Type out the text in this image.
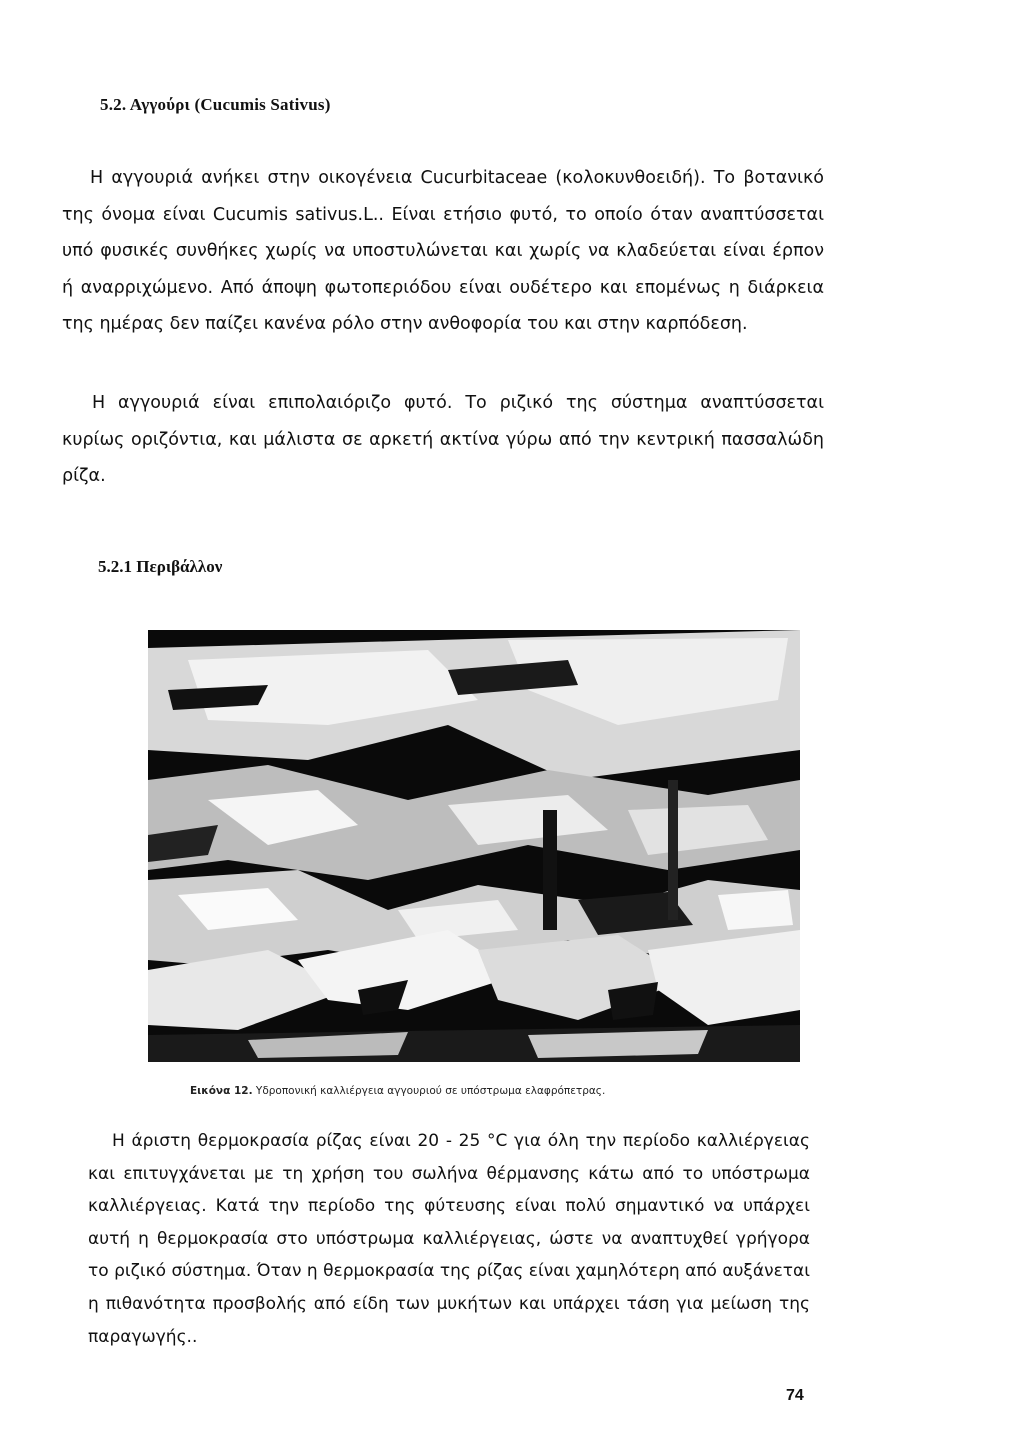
5.2. Αγγούρι (Cucumis Sativus)

Η αγγουριά ανήκει στην οικογένεια Cucurbitaceae (κολοκυνθοειδή). Το βοτανικό της όνομα είναι Cucumis sativus.L.. Είναι ετήσιο φυτό, το οποίο όταν αναπτύσσεται υπό φυσικές συνθήκες χωρίς να υποστυλώνεται και χωρίς να κλαδεύεται είναι έρπον ή αναρριχώμενο. Από άποψη φωτοπεριόδου είναι ουδέτερο και επομένως η διάρκεια της ημέρας δεν παίζει κανένα ρόλο στην ανθοφορία του και στην καρπόδεση.

Η αγγουριά είναι επιπολαιόριζο φυτό. Το ριζικό της σύστημα αναπτύσσεται κυρίως οριζόντια, και μάλιστα σε αρκετή ακτίνα γύρω από την κεντρική πασσαλώδη ρίζα.

5.2.1 Περιβάλλον
Εικόνα 12. Υδροπονική καλλιέργεια αγγουριού σε υπόστρωμα ελαφρόπετρας.

Η άριστη θερμοκρασία ρίζας είναι 20 - 25 °C για όλη την περίοδο καλλιέργειας και επιτυγχάνεται με τη χρήση του σωλήνα θέρμανσης κάτω από το υπόστρωμα καλλιέργειας. Κατά την περίοδο της φύτευσης είναι πολύ σημαντικό να υπάρχει αυτή η θερμοκρασία στο υπόστρωμα καλλιέργειας, ώστε να αναπτυχθεί γρήγορα το ριζικό σύστημα. Όταν η θερμοκρασία της ρίζας είναι χαμηλότερη από αυξάνεται η πιθανότητα προσβολής από είδη των μυκήτων και υπάρχει τάση για μείωση της παραγωγής..

74
